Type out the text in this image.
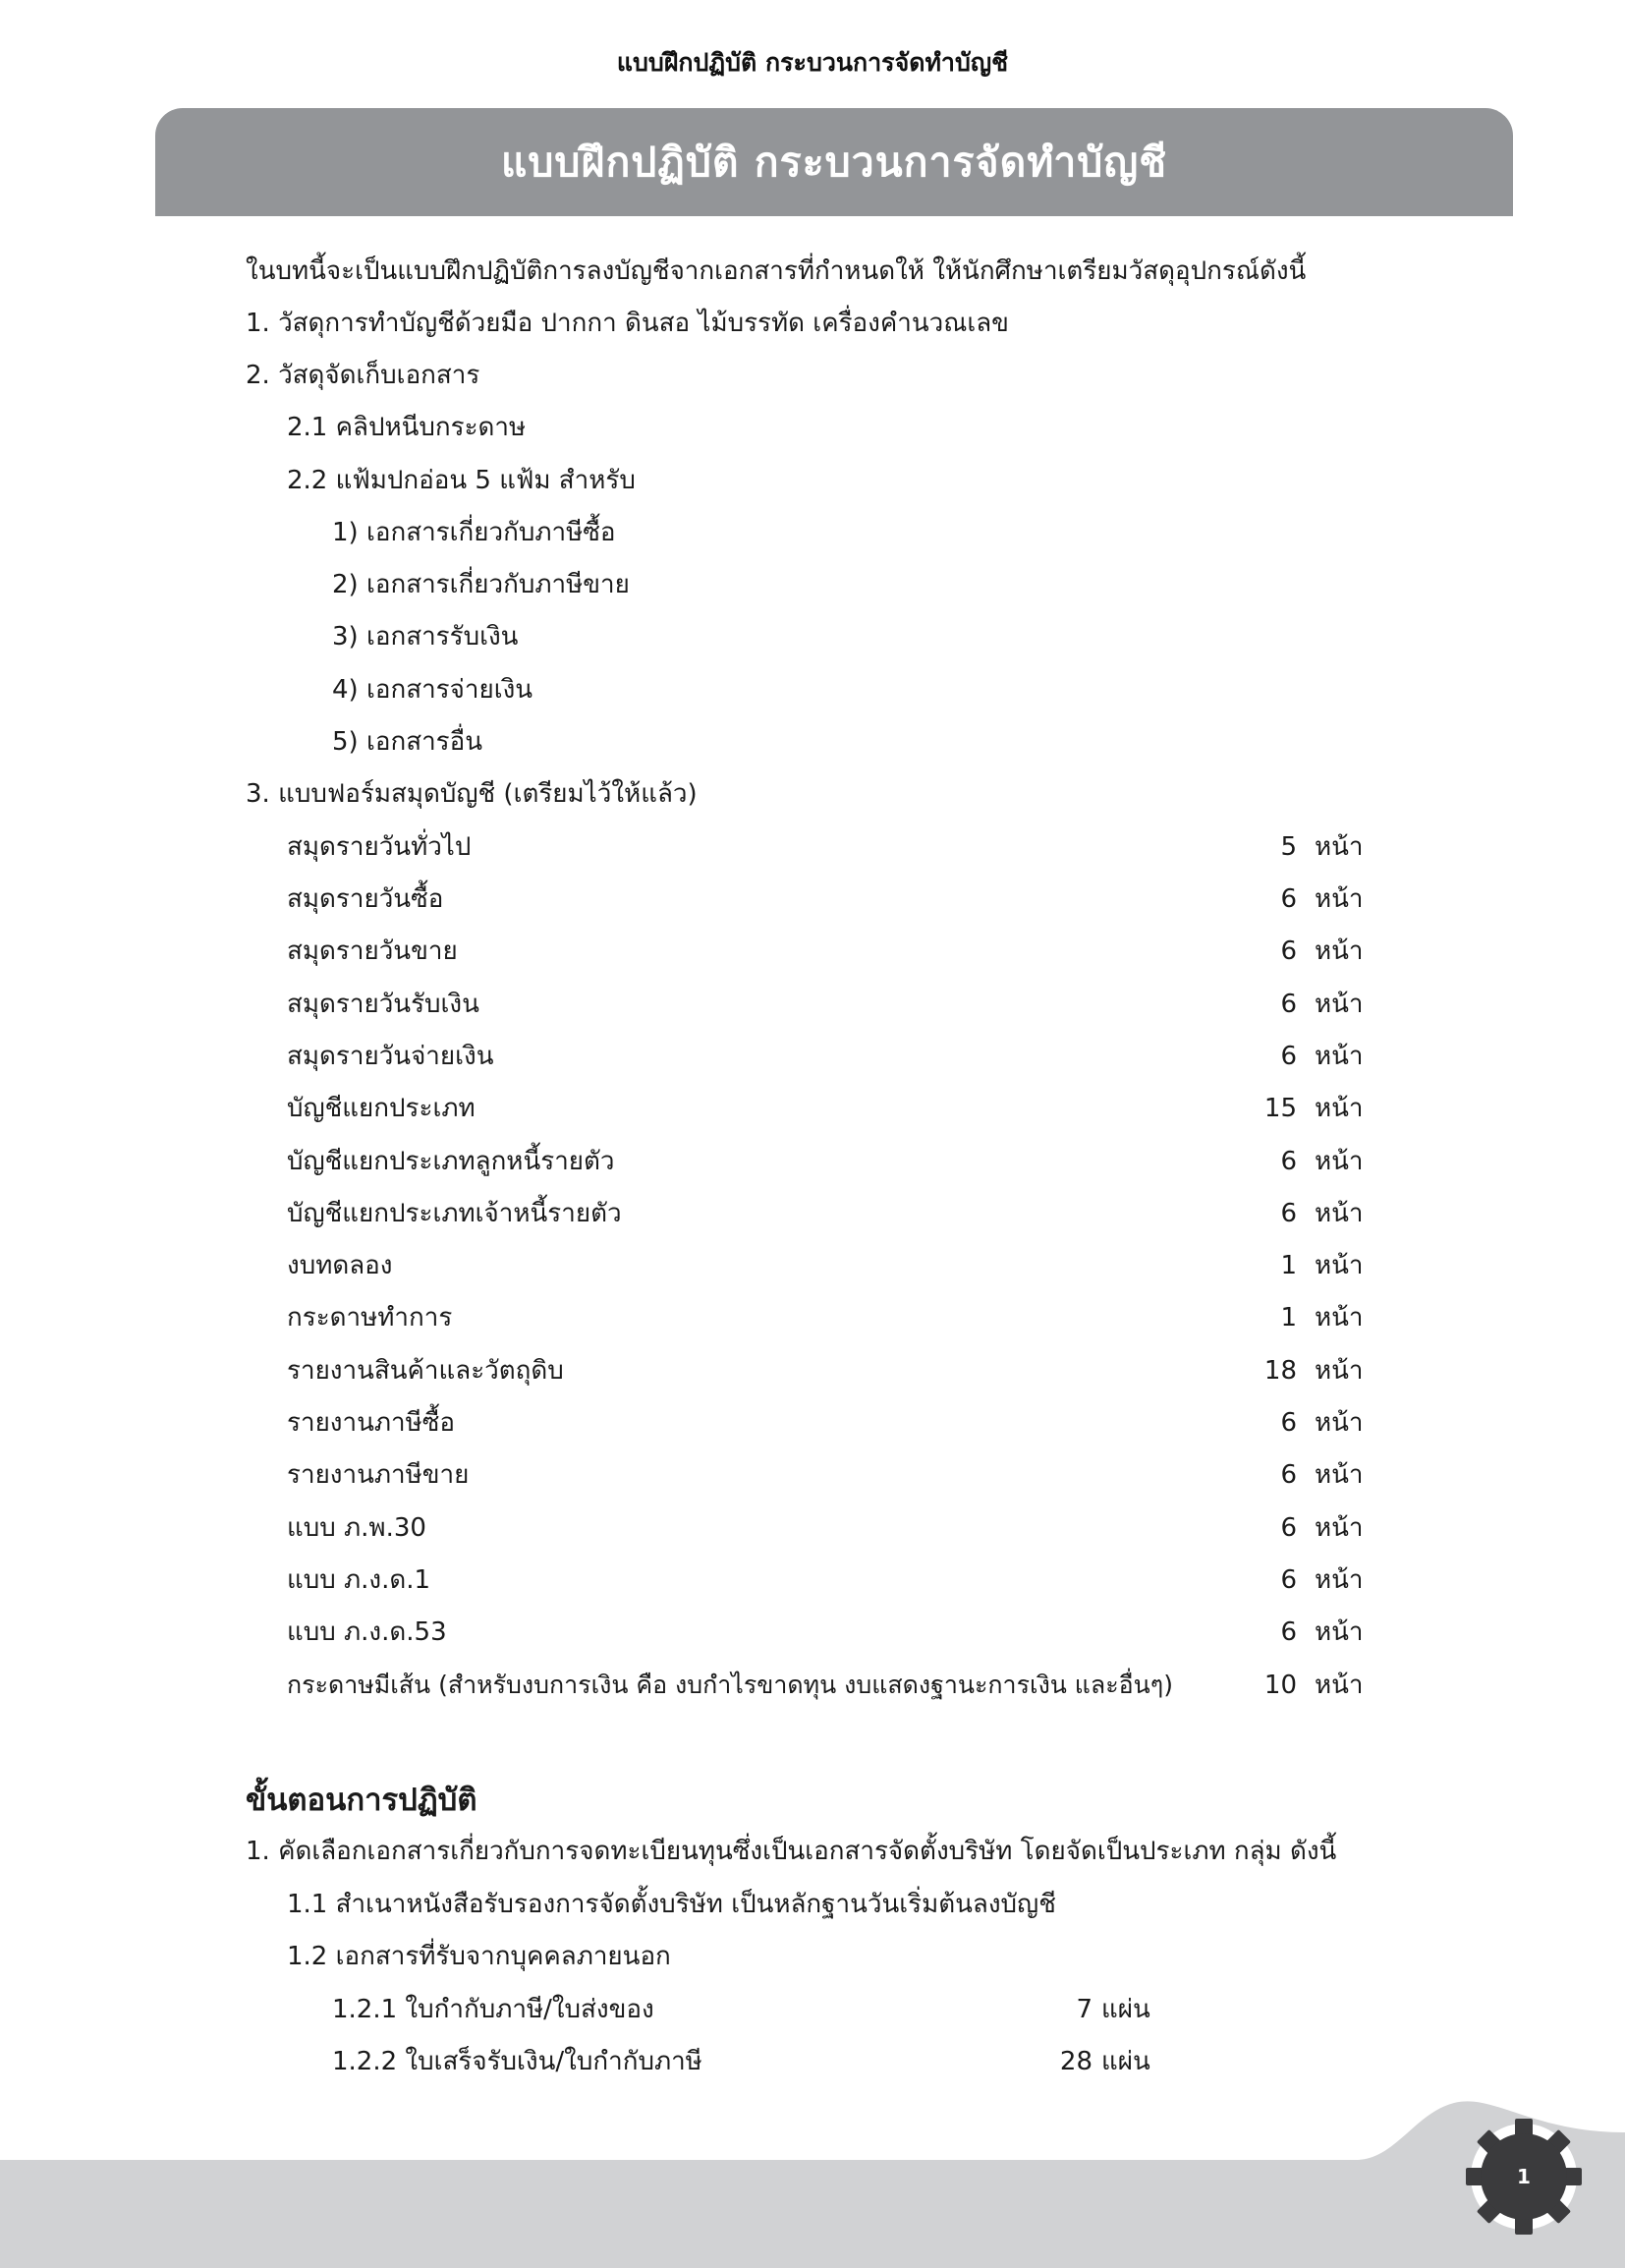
แบบฝึกปฏิบัติ กระบวนการจัดทำบัญชี
แบบฝึกปฏิบัติ กระบวนการจัดทำบัญชี
ในบทนี้จะเป็นแบบฝึกปฏิบัติการลงบัญชีจากเอกสารที่กำหนดให้ ให้นักศึกษาเตรียมวัสดุอุปกรณ์ดังนี้
1. วัสดุการทำบัญชีด้วยมือ ปากกา ดินสอ ไม้บรรทัด เครื่องคำนวณเลข
2. วัสดุจัดเก็บเอกสาร
2.1 คลิปหนีบกระดาษ
2.2 แฟ้มปกอ่อน 5 แฟ้ม สำหรับ
1) เอกสารเกี่ยวกับภาษีซื้อ
2) เอกสารเกี่ยวกับภาษีขาย
3) เอกสารรับเงิน
4) เอกสารจ่ายเงิน
5) เอกสารอื่น
3. แบบฟอร์มสมุดบัญชี (เตรียมไว้ให้แล้ว)
สมุดรายวันทั่วไป	5 หน้า
สมุดรายวันซื้อ	6 หน้า
สมุดรายวันขาย	6 หน้า
สมุดรายวันรับเงิน	6 หน้า
สมุดรายวันจ่ายเงิน	6 หน้า
บัญชีแยกประเภท	15 หน้า
บัญชีแยกประเภทลูกหนี้รายตัว	6 หน้า
บัญชีแยกประเภทเจ้าหนี้รายตัว	6 หน้า
งบทดลอง	1 หน้า
กระดาษทำการ	1 หน้า
รายงานสินค้าและวัตถุดิบ	18 หน้า
รายงานภาษีซื้อ	6 หน้า
รายงานภาษีขาย	6 หน้า
แบบ ภ.พ.30	6 หน้า
แบบ ภ.ง.ด.1	6 หน้า
แบบ ภ.ง.ด.53	6 หน้า
กระดาษมีเส้น (สำหรับงบการเงิน คือ งบกำไรขาดทุน งบแสดงฐานะการเงิน และอื่นๆ)	10 หน้า
ขั้นตอนการปฏิบัติ
1. คัดเลือกเอกสารเกี่ยวกับการจดทะเบียนทุนซึ่งเป็นเอกสารจัดตั้งบริษัท โดยจัดเป็นประเภท กลุ่ม ดังนี้
1.1 สำเนาหนังสือรับรองการจัดตั้งบริษัท เป็นหลักฐานวันเริ่มต้นลงบัญชี
1.2 เอกสารที่รับจากบุคคลภายนอก
1.2.1 ใบกำกับภาษี/ใบส่งของ	7 แผ่น
1.2.2 ใบเสร็จรับเงิน/ใบกำกับภาษี	28 แผ่น
1
